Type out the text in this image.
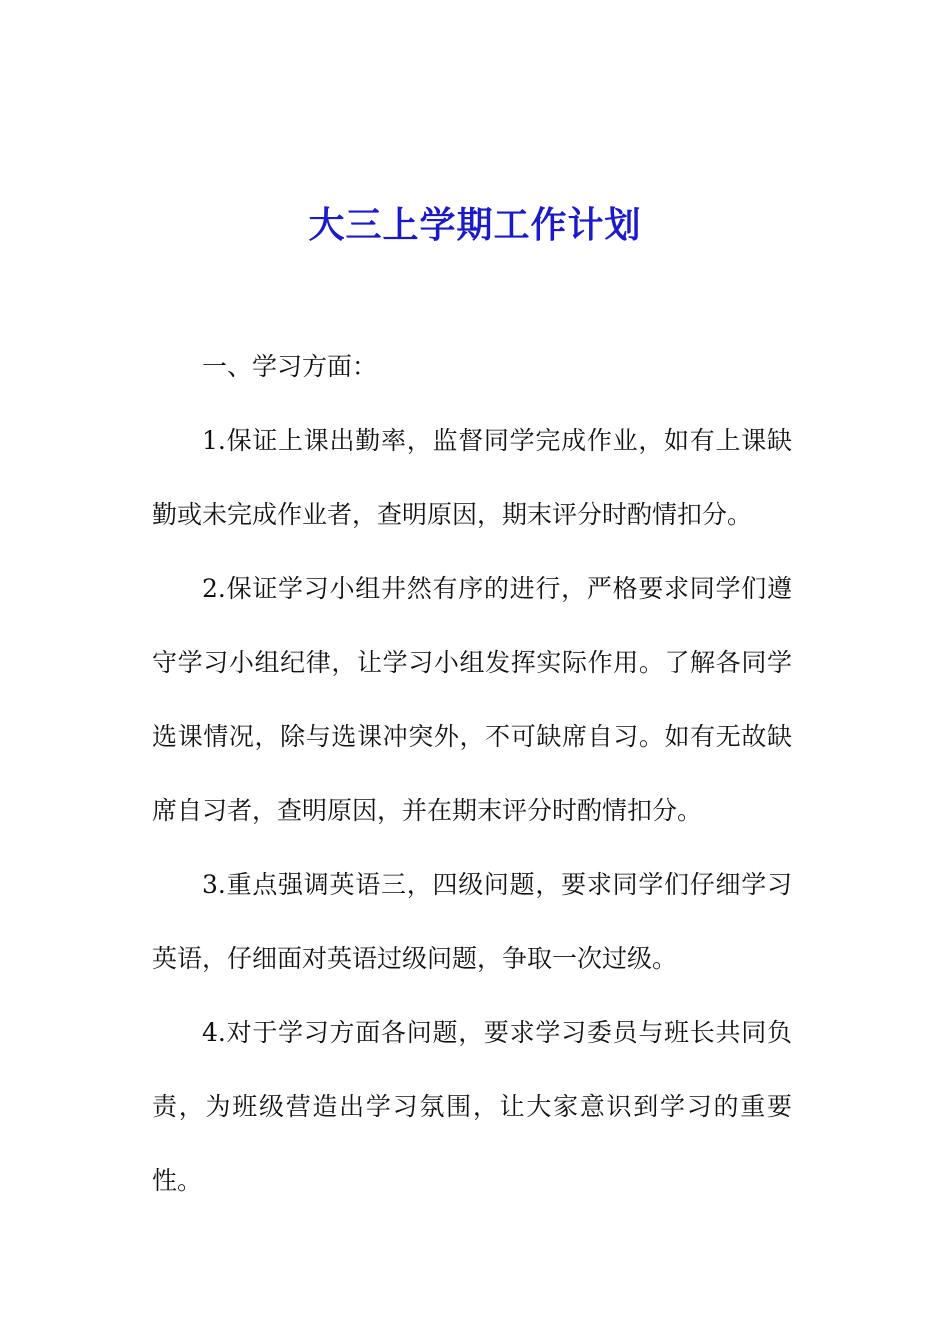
大三上学期工作计划

一、学习方面：

1.保证上课出勤率，监督同学完成作业，如有上课缺勤或未完成作业者，查明原因，期末评分时酌情扣分。

2.保证学习小组井然有序的进行，严格要求同学们遵守学习小组纪律，让学习小组发挥实际作用。了解各同学选课情况，除与选课冲突外，不可缺席自习。如有无故缺席自习者，查明原因，并在期末评分时酌情扣分。

3.重点强调英语三，四级问题，要求同学们仔细学习英语，仔细面对英语过级问题，争取一次过级。

4.对于学习方面各问题，要求学习委员与班长共同负责，为班级营造出学习氛围，让大家意识到学习的重要性。
